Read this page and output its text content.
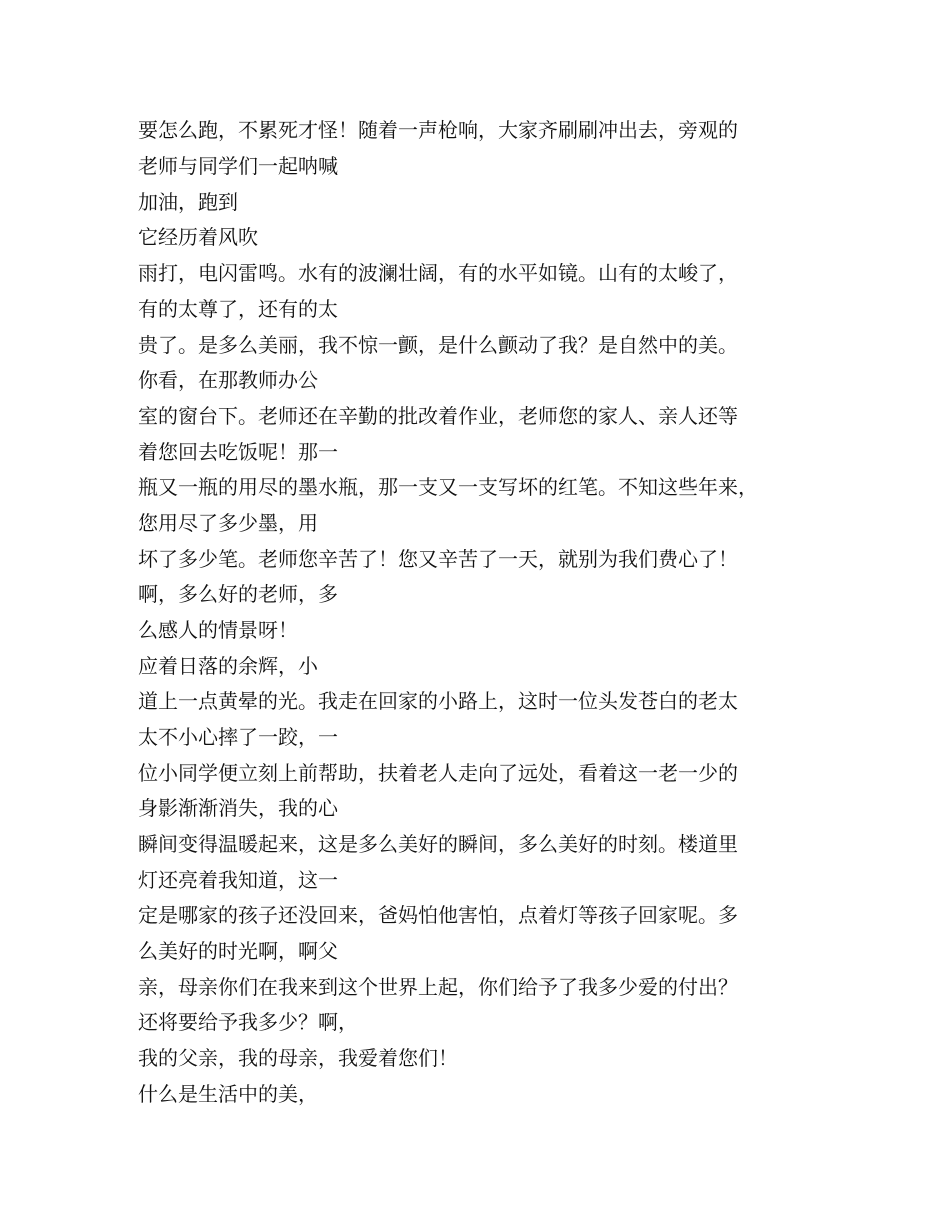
要怎么跑，不累死才怪！随着一声枪响，大家齐刷刷冲出去，旁观的
老师与同学们一起呐喊
加油，跑到
它经历着风吹
雨打，电闪雷鸣。水有的波澜壮阔，有的水平如镜。山有的太峻了，
有的太尊了，还有的太
贵了。是多么美丽，我不惊一颤，是什么颤动了我？是自然中的美。
你看，在那教师办公
室的窗台下。老师还在辛勤的批改着作业，老师您的家人、亲人还等
着您回去吃饭呢！那一
瓶又一瓶的用尽的墨水瓶，那一支又一支写坏的红笔。不知这些年来，
您用尽了多少墨，用
坏了多少笔。老师您辛苦了！您又辛苦了一天，就别为我们费心了！
啊，多么好的老师，多
么感人的情景呀！
应着日落的余辉，小
道上一点黄晕的光。我走在回家的小路上，这时一位头发苍白的老太
太不小心摔了一跤，一
位小同学便立刻上前帮助，扶着老人走向了远处，看着这一老一少的
身影渐渐消失，我的心
瞬间变得温暖起来，这是多么美好的瞬间，多么美好的时刻。楼道里
灯还亮着我知道，这一
定是哪家的孩子还没回来，爸妈怕他害怕，点着灯等孩子回家呢。多
么美好的时光啊，啊父
亲，母亲你们在我来到这个世界上起，你们给予了我多少爱的付出？
还将要给予我多少？啊，
我的父亲，我的母亲，我爱着您们！
什么是生活中的美，
